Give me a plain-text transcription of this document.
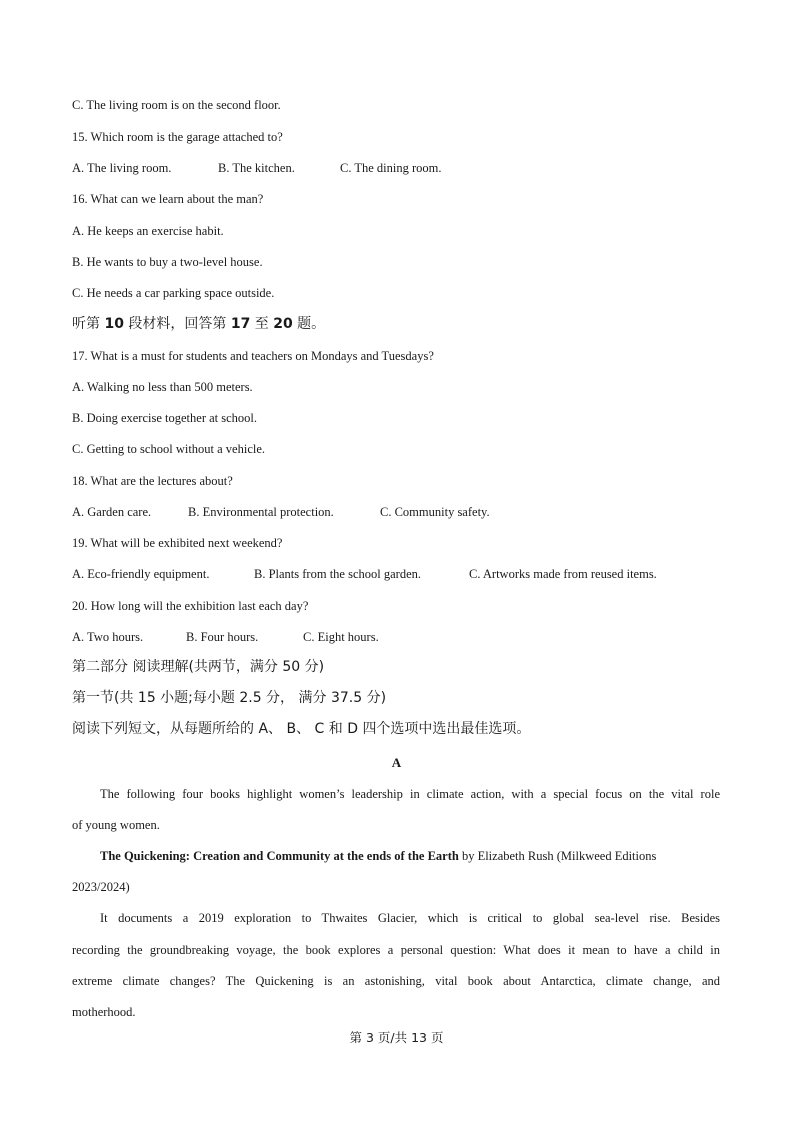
C. The living room is on the second floor.
15. Which room is the garage attached to?
A. The living room.	B. The kitchen.	C. The dining room.
16. What can we learn about the man?
A. He keeps an exercise habit.
B. He wants to buy a two-level house.
C. He needs a car parking space outside.
听第 10 段材料，回答第 17 至 20 题。
17. What is a must for students and teachers on Mondays and Tuesdays?
A. Walking no less than 500 meters.
B. Doing exercise together at school.
C. Getting to school without a vehicle.
18. What are the lectures about?
A. Garden care.	B. Environmental protection.	C. Community safety.
19. What will be exhibited next weekend?
A. Eco-friendly equipment.	B. Plants from the school garden.	C. Artworks made from reused items.
20. How long will the exhibition last each day?
A. Two hours.	B. Four hours.	C. Eight hours.
第二部分 阅读理解(共两节，满分 50 分)
第一节(共 15 小题;每小题 2.5 分， 满分 37.5 分)
阅读下列短文，从每题所给的 A、 B、 C 和 D 四个选项中选出最佳选项。
A
The following four books highlight women’s leadership in climate action, with a special focus on the vital role
of young women.
The Quickening: Creation and Community at the ends of the Earth by Elizabeth Rush (Milkweed Editions
2023/2024)
It documents a 2019 exploration to Thwaites Glacier, which is critical to global sea-level rise. Besides
recording the groundbreaking voyage, the book explores a personal question: What does it mean to have a child in
extreme climate changes? The Quickening is an astonishing, vital book about Antarctica, climate change, and
motherhood.
第 3 页/共 13 页
